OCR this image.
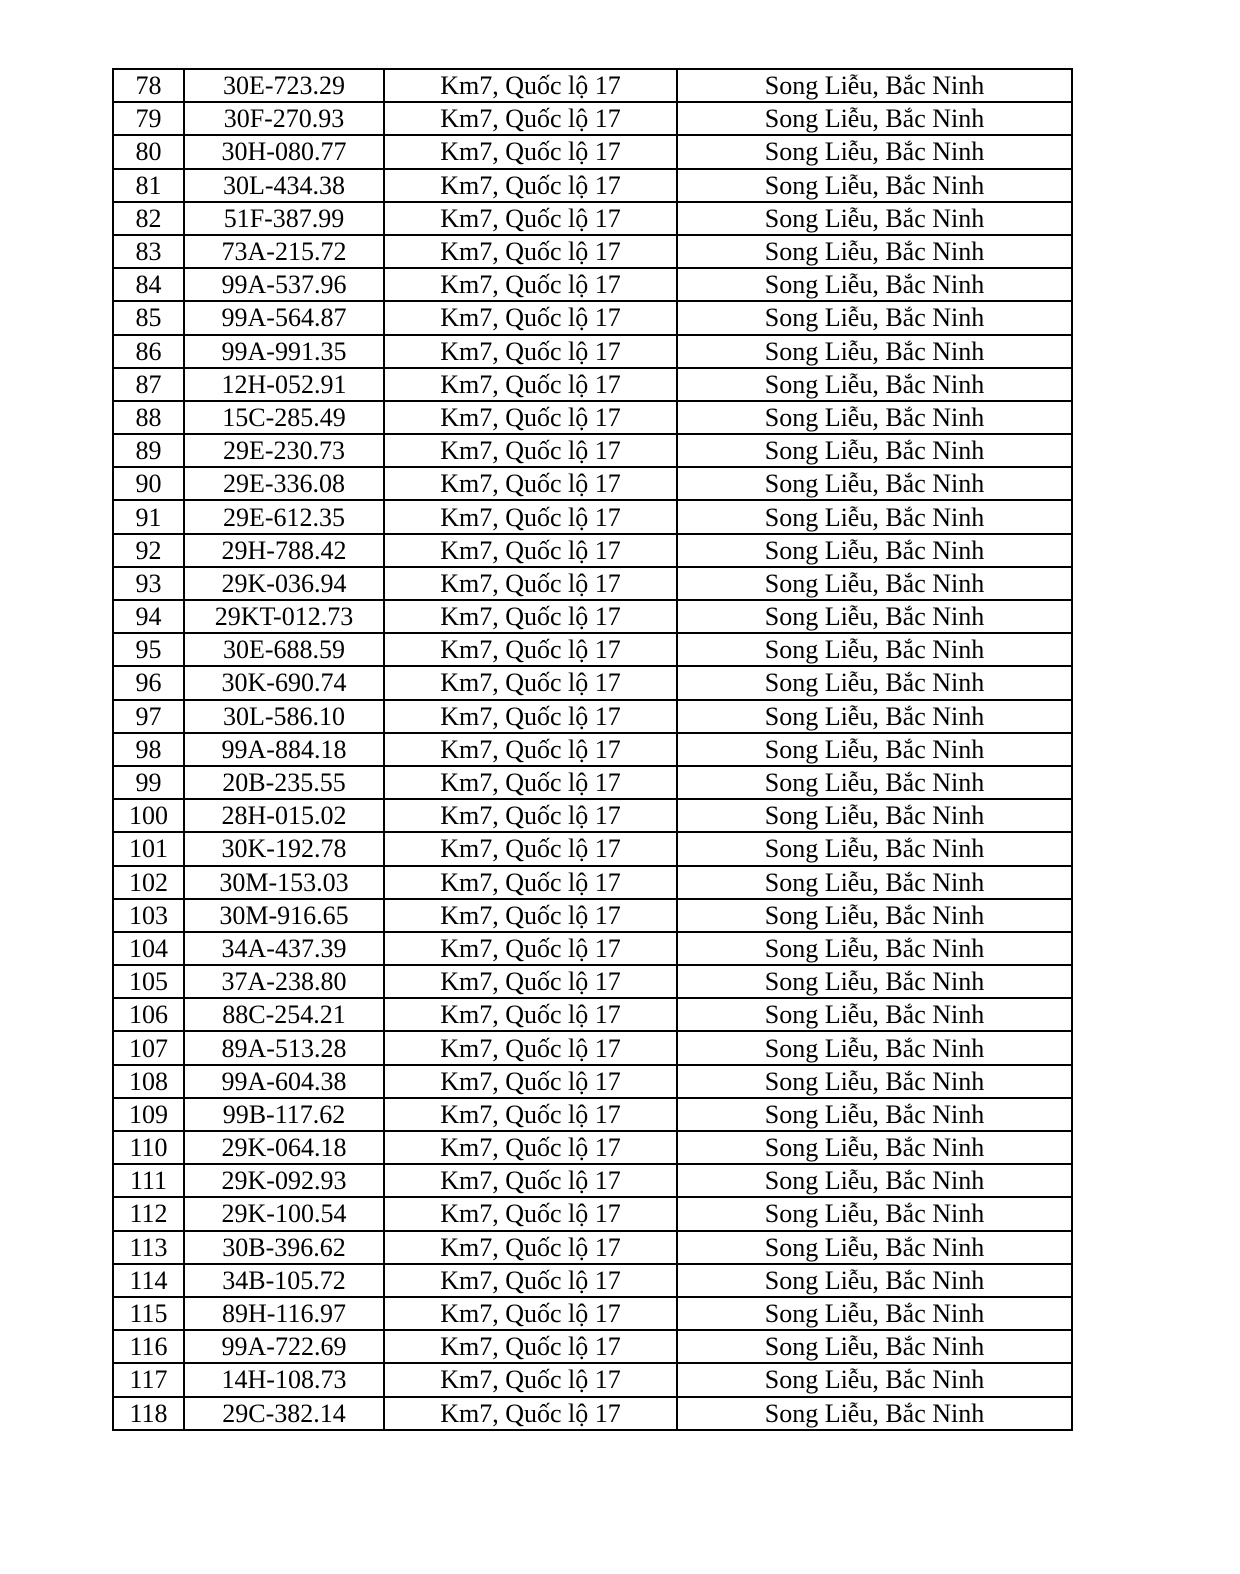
78	30E-723.29	Km7, Quốc lộ 17	Song Liễu, Bắc Ninh
79	30F-270.93	Km7, Quốc lộ 17	Song Liễu, Bắc Ninh
80	30H-080.77	Km7, Quốc lộ 17	Song Liễu, Bắc Ninh
81	30L-434.38	Km7, Quốc lộ 17	Song Liễu, Bắc Ninh
82	51F-387.99	Km7, Quốc lộ 17	Song Liễu, Bắc Ninh
83	73A-215.72	Km7, Quốc lộ 17	Song Liễu, Bắc Ninh
84	99A-537.96	Km7, Quốc lộ 17	Song Liễu, Bắc Ninh
85	99A-564.87	Km7, Quốc lộ 17	Song Liễu, Bắc Ninh
86	99A-991.35	Km7, Quốc lộ 17	Song Liễu, Bắc Ninh
87	12H-052.91	Km7, Quốc lộ 17	Song Liễu, Bắc Ninh
88	15C-285.49	Km7, Quốc lộ 17	Song Liễu, Bắc Ninh
89	29E-230.73	Km7, Quốc lộ 17	Song Liễu, Bắc Ninh
90	29E-336.08	Km7, Quốc lộ 17	Song Liễu, Bắc Ninh
91	29E-612.35	Km7, Quốc lộ 17	Song Liễu, Bắc Ninh
92	29H-788.42	Km7, Quốc lộ 17	Song Liễu, Bắc Ninh
93	29K-036.94	Km7, Quốc lộ 17	Song Liễu, Bắc Ninh
94	29KT-012.73	Km7, Quốc lộ 17	Song Liễu, Bắc Ninh
95	30E-688.59	Km7, Quốc lộ 17	Song Liễu, Bắc Ninh
96	30K-690.74	Km7, Quốc lộ 17	Song Liễu, Bắc Ninh
97	30L-586.10	Km7, Quốc lộ 17	Song Liễu, Bắc Ninh
98	99A-884.18	Km7, Quốc lộ 17	Song Liễu, Bắc Ninh
99	20B-235.55	Km7, Quốc lộ 17	Song Liễu, Bắc Ninh
100	28H-015.02	Km7, Quốc lộ 17	Song Liễu, Bắc Ninh
101	30K-192.78	Km7, Quốc lộ 17	Song Liễu, Bắc Ninh
102	30M-153.03	Km7, Quốc lộ 17	Song Liễu, Bắc Ninh
103	30M-916.65	Km7, Quốc lộ 17	Song Liễu, Bắc Ninh
104	34A-437.39	Km7, Quốc lộ 17	Song Liễu, Bắc Ninh
105	37A-238.80	Km7, Quốc lộ 17	Song Liễu, Bắc Ninh
106	88C-254.21	Km7, Quốc lộ 17	Song Liễu, Bắc Ninh
107	89A-513.28	Km7, Quốc lộ 17	Song Liễu, Bắc Ninh
108	99A-604.38	Km7, Quốc lộ 17	Song Liễu, Bắc Ninh
109	99B-117.62	Km7, Quốc lộ 17	Song Liễu, Bắc Ninh
110	29K-064.18	Km7, Quốc lộ 17	Song Liễu, Bắc Ninh
111	29K-092.93	Km7, Quốc lộ 17	Song Liễu, Bắc Ninh
112	29K-100.54	Km7, Quốc lộ 17	Song Liễu, Bắc Ninh
113	30B-396.62	Km7, Quốc lộ 17	Song Liễu, Bắc Ninh
114	34B-105.72	Km7, Quốc lộ 17	Song Liễu, Bắc Ninh
115	89H-116.97	Km7, Quốc lộ 17	Song Liễu, Bắc Ninh
116	99A-722.69	Km7, Quốc lộ 17	Song Liễu, Bắc Ninh
117	14H-108.73	Km7, Quốc lộ 17	Song Liễu, Bắc Ninh
118	29C-382.14	Km7, Quốc lộ 17	Song Liễu, Bắc Ninh
